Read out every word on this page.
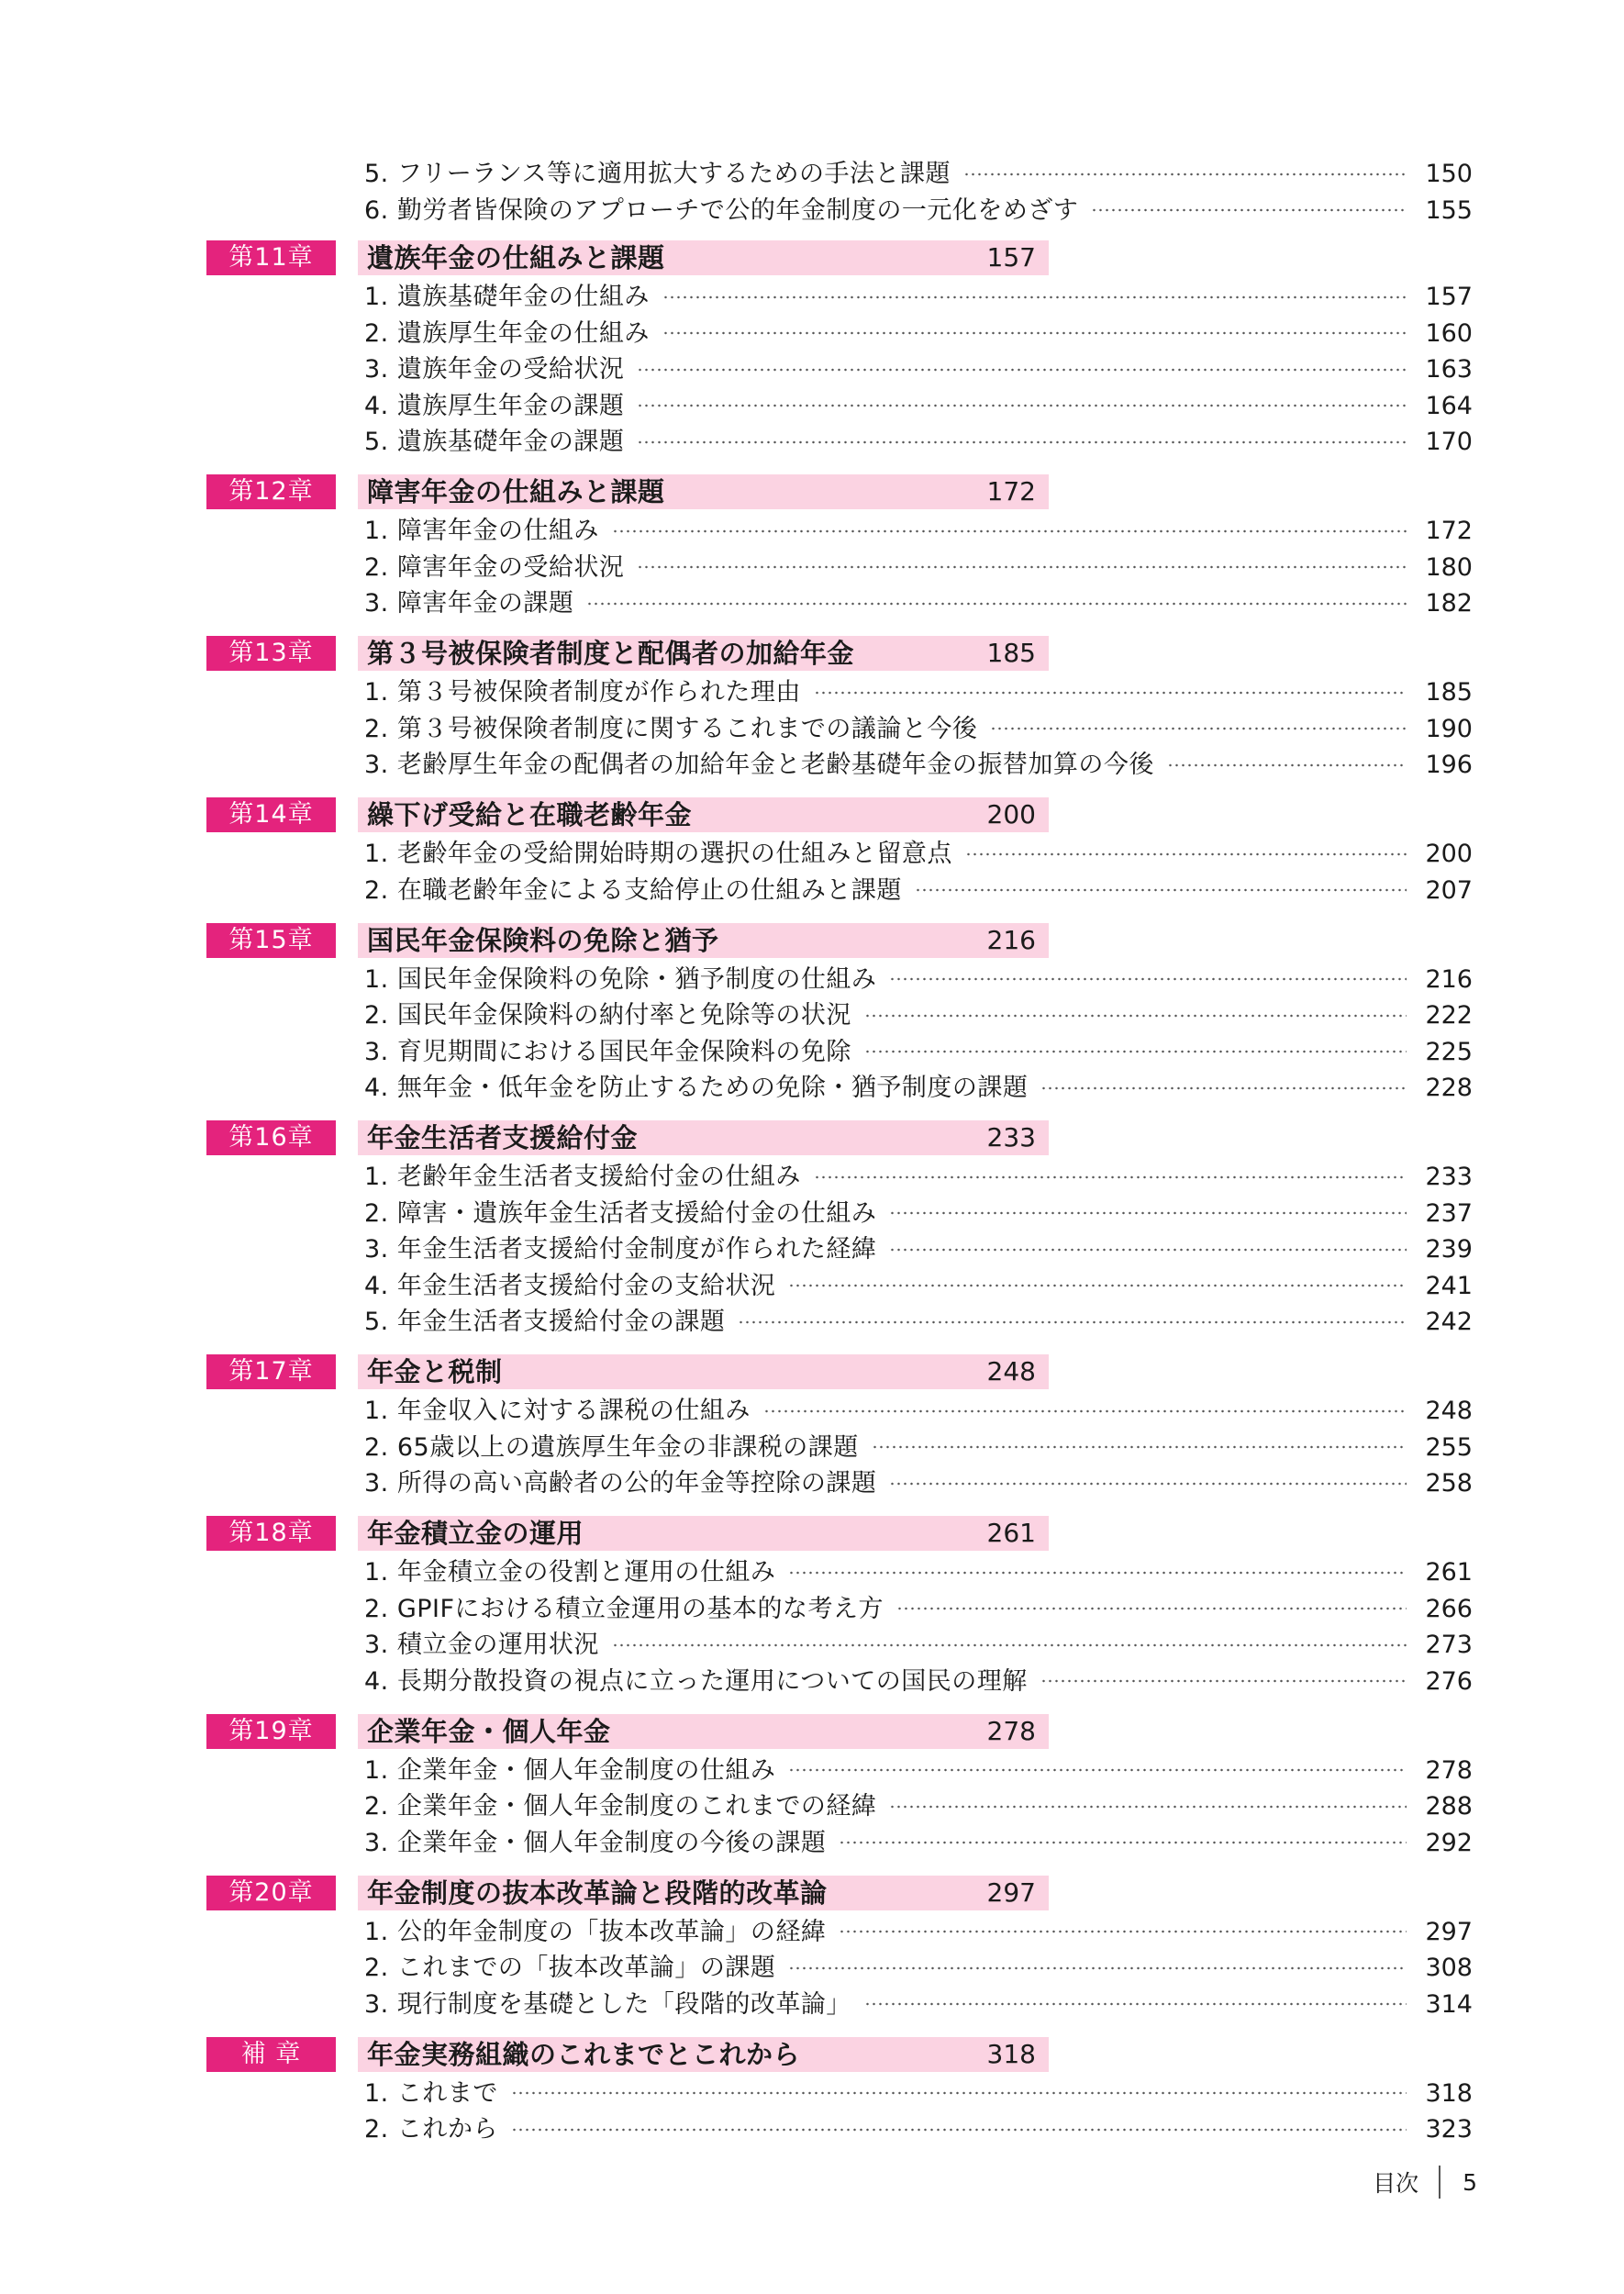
5. フリーランス等に適用拡大するための手法と課題	150
6. 勤労者皆保険のアプローチで公的年金制度の一元化をめざす	155
第11章	遺族年金の仕組みと課題	157
1. 遺族基礎年金の仕組み	157
2. 遺族厚生年金の仕組み	160
3. 遺族年金の受給状況	163
4. 遺族厚生年金の課題	164
5. 遺族基礎年金の課題	170
第12章	障害年金の仕組みと課題	172
1. 障害年金の仕組み	172
2. 障害年金の受給状況	180
3. 障害年金の課題	182
第13章	第３号被保険者制度と配偶者の加給年金	185
1. 第３号被保険者制度が作られた理由	185
2. 第３号被保険者制度に関するこれまでの議論と今後	190
3. 老齢厚生年金の配偶者の加給年金と老齢基礎年金の振替加算の今後	196
第14章	繰下げ受給と在職老齢年金	200
1. 老齢年金の受給開始時期の選択の仕組みと留意点	200
2. 在職老齢年金による支給停止の仕組みと課題	207
第15章	国民年金保険料の免除と猶予	216
1. 国民年金保険料の免除・猶予制度の仕組み	216
2. 国民年金保険料の納付率と免除等の状況	222
3. 育児期間における国民年金保険料の免除	225
4. 無年金・低年金を防止するための免除・猶予制度の課題	228
第16章	年金生活者支援給付金	233
1. 老齢年金生活者支援給付金の仕組み	233
2. 障害・遺族年金生活者支援給付金の仕組み	237
3. 年金生活者支援給付金制度が作られた経緯	239
4. 年金生活者支援給付金の支給状況	241
5. 年金生活者支援給付金の課題	242
第17章	年金と税制	248
1. 年金収入に対する課税の仕組み	248
2. 65歳以上の遺族厚生年金の非課税の課題	255
3. 所得の高い高齢者の公的年金等控除の課題	258
第18章	年金積立金の運用	261
1. 年金積立金の役割と運用の仕組み	261
2. GPIFにおける積立金運用の基本的な考え方	266
3. 積立金の運用状況	273
4. 長期分散投資の視点に立った運用についての国民の理解	276
第19章	企業年金・個人年金	278
1. 企業年金・個人年金制度の仕組み	278
2. 企業年金・個人年金制度のこれまでの経緯	288
3. 企業年金・個人年金制度の今後の課題	292
第20章	年金制度の抜本改革論と段階的改革論	297
1. 公的年金制度の「抜本改革論」の経緯	297
2. これまでの「抜本改革論」の課題	308
3. 現行制度を基礎とした「段階的改革論」	314
補 章	年金実務組織のこれまでとこれから	318
1. これまで	318
2. これから	323
目次 5
